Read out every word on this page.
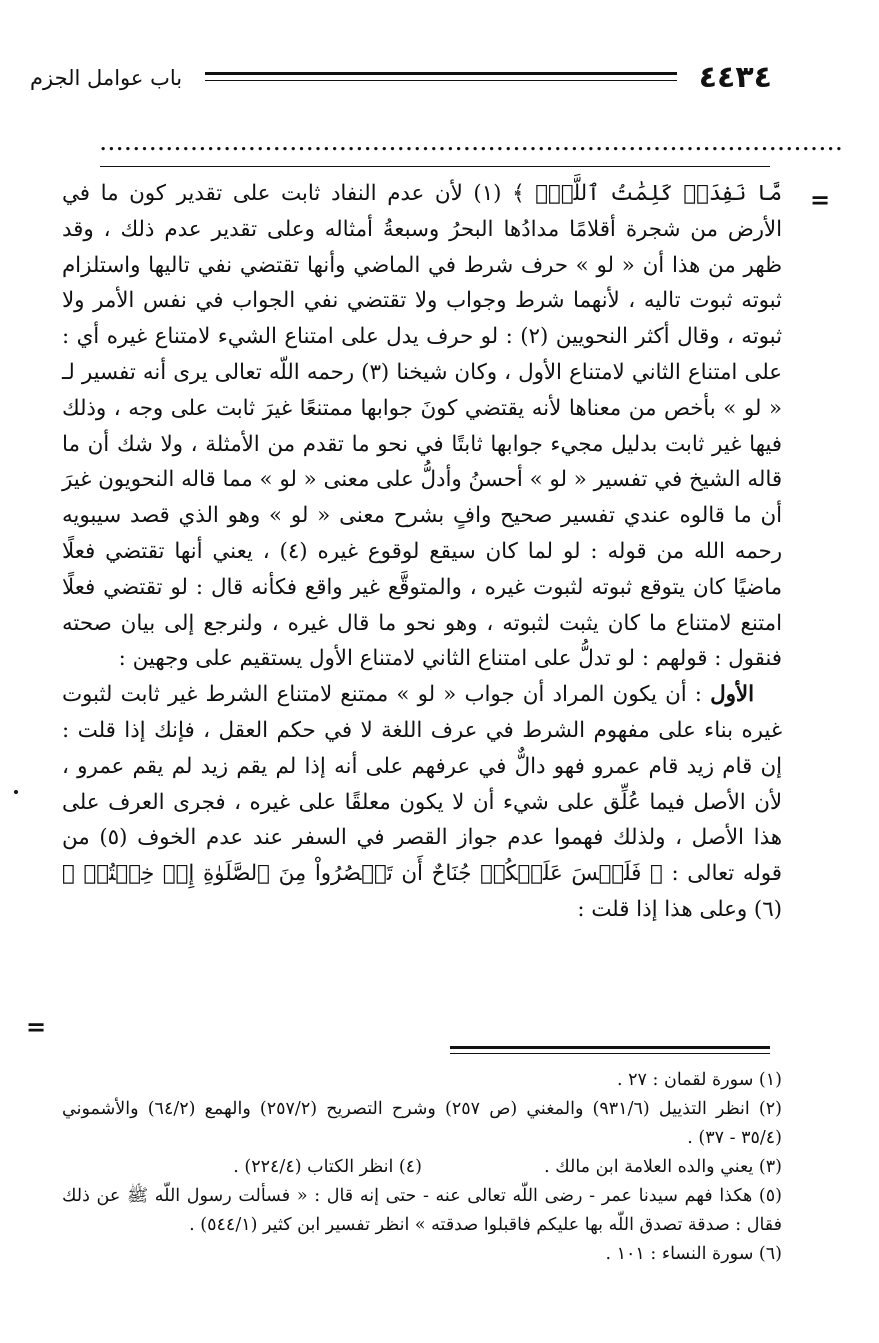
٤٤٣٤
باب عوامل الجزم
..........................................................................................
=

مَّا نَفِدَتۡ كَلِمَٰتُ ٱللَّهِۚ ﴾ (١) لأن عدم النفاد ثابت على تقدير كون ما في الأرض من شجرة أقلامًا مدادُها البحرُ وسبعةُ أمثاله وعلى تقدير عدم ذلك ، وقد ظهر من هذا أن « لو » حرف شرط في الماضي وأنها تقتضي نفي تاليها واستلزام ثبوته ثبوت تاليه ، لأنهما شرط وجواب ولا تقتضي نفي الجواب في نفس الأمر ولا ثبوته ، وقال أكثر النحويين (٢) : لو حرف يدل على امتناع الشيء لامتناع غيره أي : على امتناع الثاني لامتناع الأول ، وكان شيخنا (٣) رحمه اللّه تعالى يرى أنه تفسير لـ « لو » بأخص من معناها لأنه يقتضي كونَ جوابها ممتنعًا غيرَ ثابت على وجه ، وذلك فيها غير ثابت بدليل مجيء جوابها ثابتًا في نحو ما تقدم من الأمثلة ، ولا شك أن ما قاله الشيخ في تفسير « لو » أحسنُ وأدلُّ على معنى « لو » مما قاله النحويون غيرَ أن ما قالوه عندي تفسير صحيح وافٍ بشرح معنى « لو » وهو الذي قصد سيبويه رحمه الله من قوله : لو لما كان سيقع لوقوع غيره (٤) ، يعني أنها تقتضي فعلًا ماضيًا كان يتوقع ثبوته لثبوت غيره ، والمتوقَّع غير واقع فكأنه قال : لو تقتضي فعلًا امتنع لامتناع ما كان يثبت لثبوته ، وهو نحو ما قال غيره ، ولنرجع إلى بيان صحته فنقول : قولهم : لو تدلُّ على امتناع الثاني لامتناع الأول يستقيم على وجهين :

الأول : أن يكون المراد أن جواب « لو » ممتنع لامتناع الشرط غير ثابت لثبوت غيره بناء على مفهوم الشرط في عرف اللغة لا في حكم العقل ، فإنك إذا قلت : إن قام زيد قام عمرو فهو دالٌّ في عرفهم على أنه إذا لم يقم زيد لم يقم عمرو ، لأن الأصل فيما عُلِّق على شيء أن لا يكون معلقًا على غيره ، فجرى العرف على هذا الأصل ، ولذلك فهموا عدم جواز القصر في السفر عند عدم الخوف (٥) من قوله تعالى : ﴿ فَلَيۡسَ عَلَيۡكُمۡ جُنَاحٌ أَن تَقۡصُرُواْ مِنَ ٱلصَّلَوٰةِ إِنۡ خِفۡتُمۡ ﴾ (٦) وعلى هذا إذا قلت :

=

(١) سورة لقمان : ٢٧ .

(٢) انظر التذييل (٩٣١/٦) والمغني (ص ٢٥٧) وشرح التصريح (٢٥٧/٢) والهمع (٦٤/٢) والأشموني (٣٥/٤ - ٣٧) .

(٣) يعني والده العلامة ابن مالك .
(٤) انظر الكتاب (٢٢٤/٤) .

(٥) هكذا فهم سيدنا عمر - رضى اللّه تعالى عنه - حتى إنه قال : « فسألت رسول اللّه ﷺ عن ذلك فقال : صدقة تصدق اللّه بها عليكم فاقبلوا صدقته » انظر تفسير ابن كثير (٥٤٤/١) .

(٦) سورة النساء : ١٠١ .
